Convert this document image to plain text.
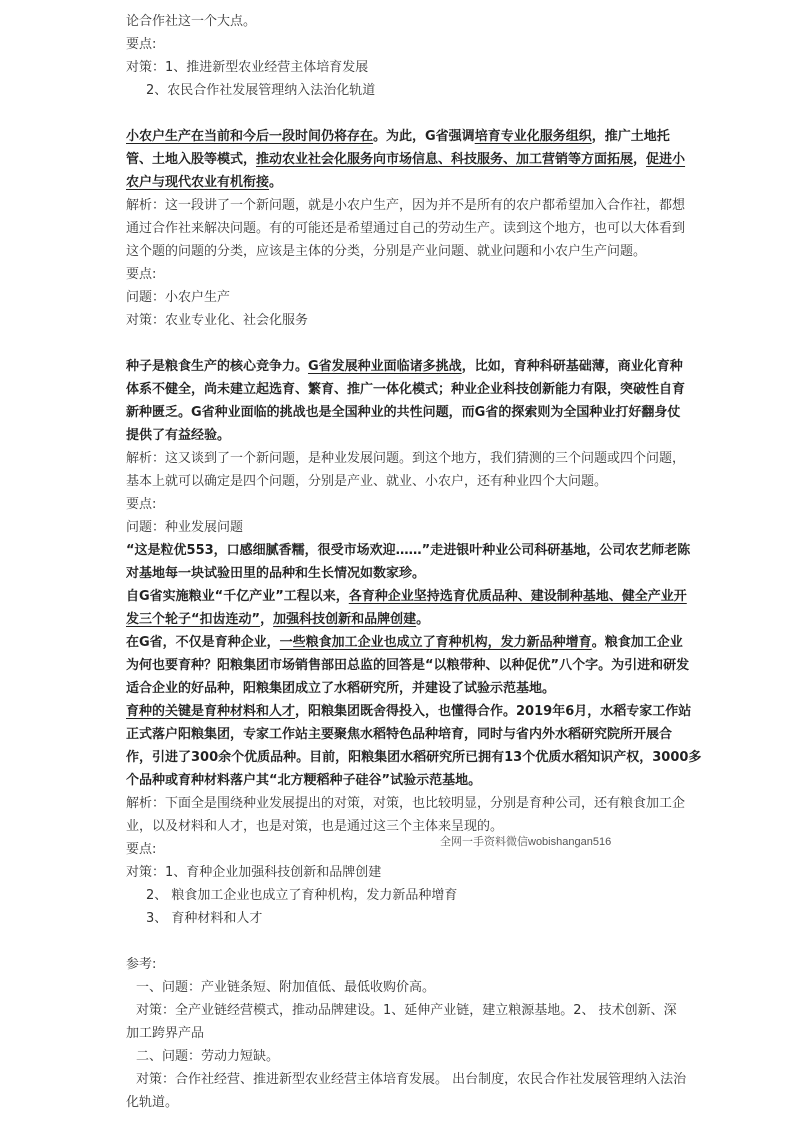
论合作社这一个大点。
要点:
对策：1、推进新型农业经营主体培育发展
2、农民合作社发展管理纳入法治化轨道
小农户生产在当前和今后一段时间仍将存在。为此，G省强调培育专业化服务组织，推广土地托
管、土地入股等模式，推动农业社会化服务向市场信息、科技服务、加工营销等方面拓展，促进小
农户与现代农业有机衔接。
解析：这一段讲了一个新问题，就是小农户生产，因为并不是所有的农户都希望加入合作社，都想
通过合作社来解决问题。有的可能还是希望通过自己的劳动生产。读到这个地方，也可以大体看到
这个题的问题的分类，应该是主体的分类，分别是产业问题、就业问题和小农户生产问题。
要点:
问题：小农户生产
对策：农业专业化、社会化服务
种子是粮食生产的核心竞争力。G省发展种业面临诸多挑战，比如，育种科研基础薄，商业化育种
体系不健全，尚未建立起选育、繁育、推广一体化模式；种业企业科技创新能力有限，突破性自育
新种匮乏。G省种业面临的挑战也是全国种业的共性问题，而G省的探索则为全国种业打好翻身仗
提供了有益经验。
解析：这又谈到了一个新问题，是种业发展问题。到这个地方，我们猜测的三个问题或四个问题，
基本上就可以确定是四个问题，分别是产业、就业、小农户，还有种业四个大问题。
要点:
问题：种业发展问题
“这是粒优553，口感细腻香糯，很受市场欢迎……”走进银叶种业公司科研基地，公司农艺师老陈
对基地每一块试验田里的品种和生长情况如数家珍。
自G省实施粮业“千亿产业”工程以来，各育种企业坚持选育优质品种、建设制种基地、健全产业开
发三个轮子“扣齿连动”，加强科技创新和品牌创建。
在G省，不仅是育种企业，一些粮食加工企业也成立了育种机构，发力新品种增育。粮食加工企业
为何也要育种？阳粮集团市场销售部田总监的回答是“以粮带种、以种促优”八个字。为引进和研发
适合企业的好品种，阳粮集团成立了水稻研究所，并建设了试验示范基地。
育种的关键是育种材料和人才，阳粮集团既舍得投入，也懂得合作。2019年6月，水稻专家工作站
正式落户阳粮集团，专家工作站主要聚焦水稻特色品种培育，同时与省内外水稻研究院所开展合
作，引进了300余个优质品种。目前，阳粮集团水稻研究所已拥有13个优质水稻知识产权，3000多
个品种或育种材料落户其“北方粳稻种子硅谷”试验示范基地。
解析：下面全是围绕种业发展提出的对策，对策，也比较明显，分别是育种公司，还有粮食加工企
业，以及材料和人才，也是对策，也是通过这三个主体来呈现的。
要点:
对策：1、育种企业加强科技创新和品牌创建
2、 粮食加工企业也成立了育种机构，发力新品种增育
3、 育种材料和人才
参考:
一、问题：产业链条短、附加值低、最低收购价高。
对策：全产业链经营模式，推动品牌建设。1、延伸产业链，建立粮源基地。2、 技术创新、深
加工跨界产品
二、问题：劳动力短缺。
对策：合作社经营、推进新型农业经营主体培育发展。 出台制度，农民合作社发展管理纳入法治
化轨道。
全网一手资料微信wobishangan516
